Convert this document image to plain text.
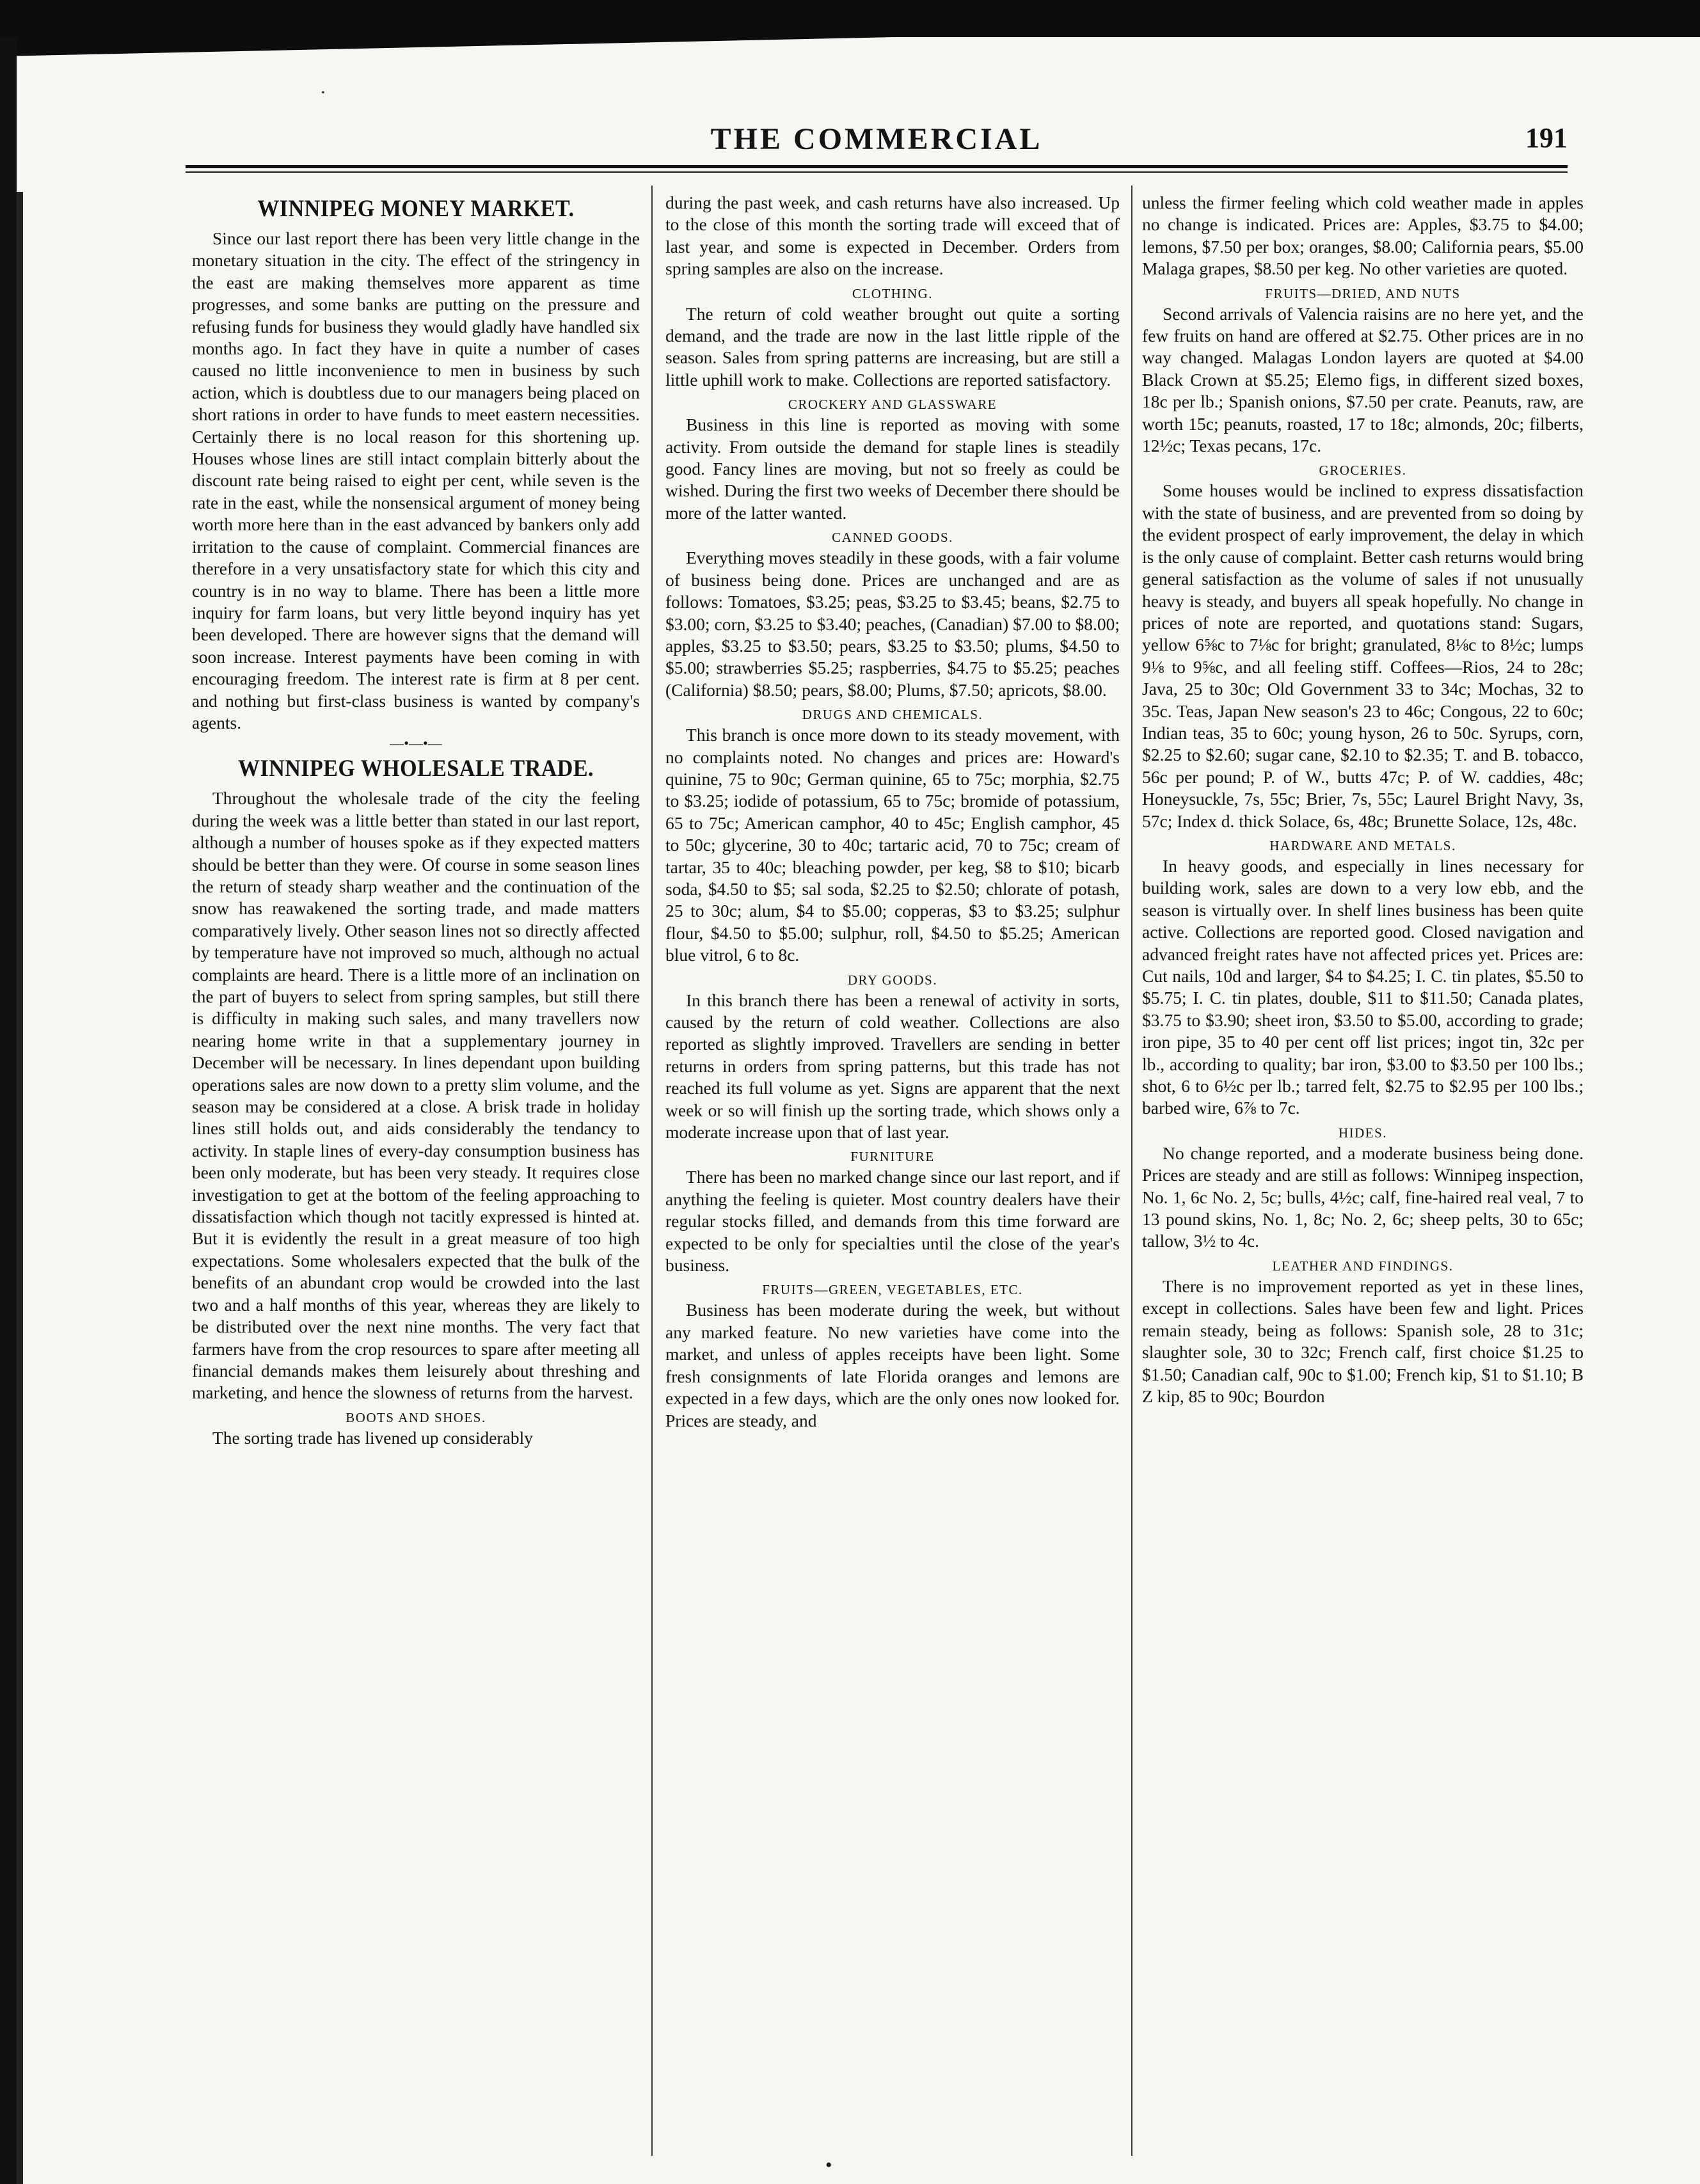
THE COMMERCIAL	191
WINNIPEG MONEY MARKET.

Since our last report there has been very little change in the monetary situation in the city. The effect of the stringency in the east are making themselves more apparent as time progresses, and some banks are putting on the pressure and refusing funds for business they would gladly have handled six months ago. In fact they have in quite a number of cases caused no little inconvenience to men in business by such action, which is doubtless due to our managers being placed on short rations in order to have funds to meet eastern necessities. Certainly there is no local reason for this shortening up. Houses whose lines are still intact complain bitterly about the discount rate being raised to eight per cent, while seven is the rate in the east, while the nonsensical argument of money being worth more here than in the east advanced by bankers only add irritation to the cause of complaint. Commercial finances are therefore in a very unsatisfactory state for which this city and country is in no way to blame. There has been a little more inquiry for farm loans, but very little beyond inquiry has yet been developed. There are however signs that the demand will soon increase. Interest payments have been coming in with encouraging freedom. The interest rate is firm at 8 per cent. and nothing but first-class business is wanted by company's agents.

—•—•—
WINNIPEG WHOLESALE TRADE.

Throughout the wholesale trade of the city the feeling during the week was a little better than stated in our last report, although a number of houses spoke as if they expected matters should be better than they were. Of course in some season lines the return of steady sharp weather and the continuation of the snow has reawakened the sorting trade, and made matters comparatively lively. Other season lines not so directly affected by temperature have not improved so much, although no actual complaints are heard. There is a little more of an inclination on the part of buyers to select from spring samples, but still there is difficulty in making such sales, and many travellers now nearing home write in that a supplementary journey in December will be necessary. In lines dependant upon building operations sales are now down to a pretty slim volume, and the season may be considered at a close. A brisk trade in holiday lines still holds out, and aids considerably the tendancy to activity. In staple lines of every-day consumption business has been only moderate, but has been very steady. It requires close investigation to get at the bottom of the feeling approaching to dissatisfaction which though not tacitly expressed is hinted at. But it is evidently the result in a great measure of too high expectations. Some wholesalers expected that the bulk of the benefits of an abundant crop would be crowded into the last two and a half months of this year, whereas they are likely to be distributed over the next nine months. The very fact that farmers have from the crop resources to spare after meeting all financial demands makes them leisurely about threshing and marketing, and hence the slowness of returns from the harvest.

BOOTS AND SHOES.

The sorting trade has livened up considerably

during the past week, and cash returns have also increased. Up to the close of this month the sorting trade will exceed that of last year, and some is expected in December. Orders from spring samples are also on the increase.

CLOTHING.

The return of cold weather brought out quite a sorting demand, and the trade are now in the last little ripple of the season. Sales from spring patterns are increasing, but are still a little uphill work to make. Collections are reported satisfactory.

CROCKERY AND GLASSWARE

Business in this line is reported as moving with some activity. From outside the demand for staple lines is steadily good. Fancy lines are moving, but not so freely as could be wished. During the first two weeks of December there should be more of the latter wanted.

CANNED GOODS.

Everything moves steadily in these goods, with a fair volume of business being done. Prices are unchanged and are as follows: Tomatoes, $3.25; peas, $3.25 to $3.45; beans, $2.75 to $3.00; corn, $3.25 to $3.40; peaches, (Canadian) $7.00 to $8.00; apples, $3.25 to $3.50; pears, $3.25 to $3.50; plums, $4.50 to $5.00; strawberries $5.25; raspberries, $4.75 to $5.25; peaches (California) $8.50; pears, $8.00; Plums, $7.50; apricots, $8.00.

DRUGS AND CHEMICALS.

This branch is once more down to its steady movement, with no complaints noted. No changes and prices are: Howard's quinine, 75 to 90c; German quinine, 65 to 75c; morphia, $2.75 to $3.25; iodide of potassium, 65 to 75c; bromide of potassium, 65 to 75c; American camphor, 40 to 45c; English camphor, 45 to 50c; glycerine, 30 to 40c; tartaric acid, 70 to 75c; cream of tartar, 35 to 40c; bleaching powder, per keg, $8 to $10; bicarb soda, $4.50 to $5; sal soda, $2.25 to $2.50; chlorate of potash, 25 to 30c; alum, $4 to $5.00; copperas, $3 to $3.25; sulphur flour, $4.50 to $5.00; sulphur, roll, $4.50 to $5.25; American blue vitrol, 6 to 8c.

DRY GOODS.

In this branch there has been a renewal of activity in sorts, caused by the return of cold weather. Collections are also reported as slightly improved. Travellers are sending in better returns in orders from spring patterns, but this trade has not reached its full volume as yet. Signs are apparent that the next week or so will finish up the sorting trade, which shows only a moderate increase upon that of last year.

FURNITURE

There has been no marked change since our last report, and if anything the feeling is quieter. Most country dealers have their regular stocks filled, and demands from this time forward are expected to be only for specialties until the close of the year's business.

FRUITS—GREEN, VEGETABLES, ETC.

Business has been moderate during the week, but without any marked feature. No new varieties have come into the market, and unless of apples receipts have been light. Some fresh consignments of late Florida oranges and lemons are expected in a few days, which are the only ones now looked for. Prices are steady, and

unless the firmer feeling which cold weather made in apples no change is indicated. Prices are: Apples, $3.75 to $4.00; lemons, $7.50 per box; oranges, $8.00; California pears, $5.00 Malaga grapes, $8.50 per keg. No other varieties are quoted.

FRUITS—DRIED, AND NUTS

Second arrivals of Valencia raisins are no here yet, and the few fruits on hand are offered at $2.75. Other prices are in no way changed. Malagas London layers are quoted at $4.00 Black Crown at $5.25; Elemo figs, in different sized boxes, 18c per lb.; Spanish onions, $7.50 per crate. Peanuts, raw, are worth 15c; peanuts, roasted, 17 to 18c; almonds, 20c; filberts, 12½c; Texas pecans, 17c.

GROCERIES.

Some houses would be inclined to express dissatisfaction with the state of business, and are prevented from so doing by the evident prospect of early improvement, the delay in which is the only cause of complaint. Better cash returns would bring general satisfaction as the volume of sales if not unusually heavy is steady, and buyers all speak hopefully. No change in prices of note are reported, and quotations stand: Sugars, yellow 6⅝c to 7⅛c for bright; granulated, 8⅛c to 8½c; lumps 9⅛ to 9⅝c, and all feeling stiff. Coffees—Rios, 24 to 28c; Java, 25 to 30c; Old Government 33 to 34c; Mochas, 32 to 35c. Teas, Japan New season's 23 to 46c; Congous, 22 to 60c; Indian teas, 35 to 60c; young hyson, 26 to 50c. Syrups, corn, $2.25 to $2.60; sugar cane, $2.10 to $2.35; T. and B. tobacco, 56c per pound; P. of W., butts 47c; P. of W. caddies, 48c; Honeysuckle, 7s, 55c; Brier, 7s, 55c; Laurel Bright Navy, 3s, 57c; Index d. thick Solace, 6s, 48c; Brunette Solace, 12s, 48c.

HARDWARE AND METALS.

In heavy goods, and especially in lines necessary for building work, sales are down to a very low ebb, and the season is virtually over. In shelf lines business has been quite active. Collections are reported good. Closed navigation and advanced freight rates have not affected prices yet. Prices are: Cut nails, 10d and larger, $4 to $4.25; I. C. tin plates, $5.50 to $5.75; I. C. tin plates, double, $11 to $11.50; Canada plates, $3.75 to $3.90; sheet iron, $3.50 to $5.00, according to grade; iron pipe, 35 to 40 per cent off list prices; ingot tin, 32c per lb., according to quality; bar iron, $3.00 to $3.50 per 100 lbs.; shot, 6 to 6½c per lb.; tarred felt, $2.75 to $2.95 per 100 lbs.; barbed wire, 6⅞ to 7c.

HIDES.

No change reported, and a moderate business being done. Prices are steady and are still as follows: Winnipeg inspection, No. 1, 6c No. 2, 5c; bulls, 4½c; calf, fine-haired real veal, 7 to 13 pound skins, No. 1, 8c; No. 2, 6c; sheep pelts, 30 to 65c; tallow, 3½ to 4c.

LEATHER AND FINDINGS.

There is no improvement reported as yet in these lines, except in collections. Sales have been few and light. Prices remain steady, being as follows: Spanish sole, 28 to 31c; slaughter sole, 30 to 32c; French calf, first choice $1.25 to $1.50; Canadian calf, 90c to $1.00; French kip, $1 to $1.10; B Z kip, 85 to 90c; Bourdon

·
•
